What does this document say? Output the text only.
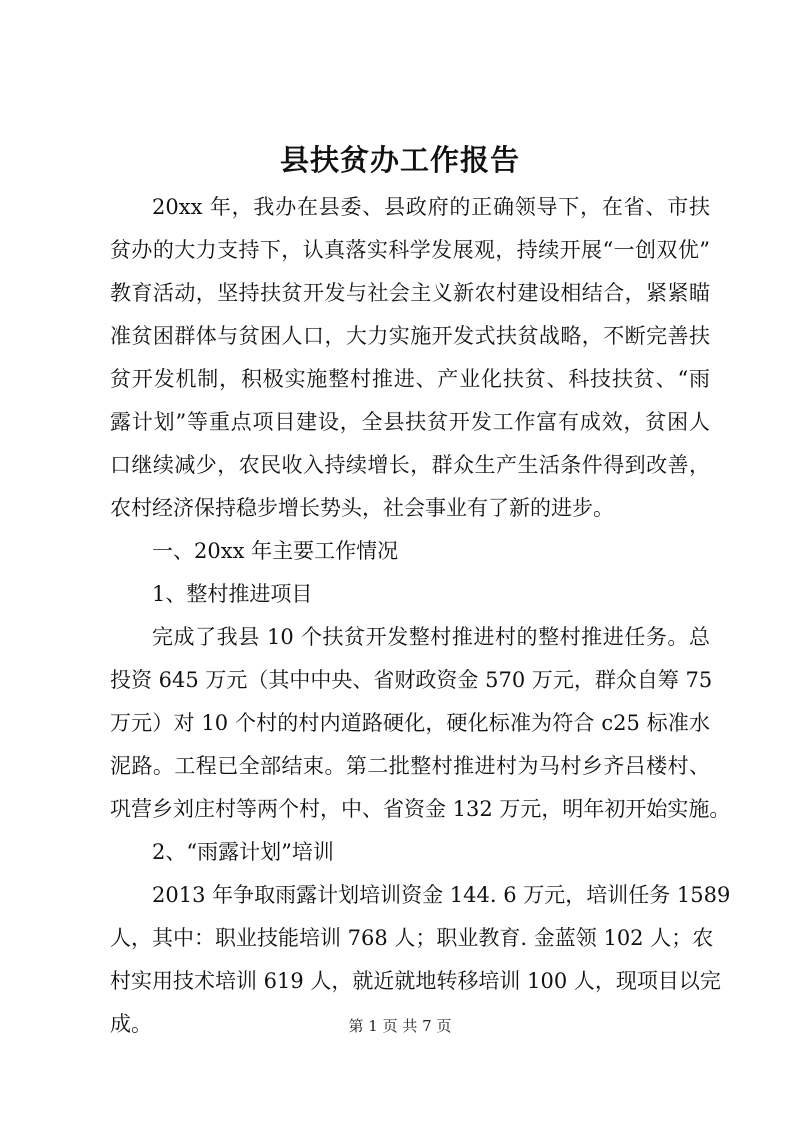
县扶贫办工作报告
20xx 年，我办在县委、县政府的正确领导下，在省、市扶
贫办的大力支持下，认真落实科学发展观，持续开展“一创双优”
教育活动，坚持扶贫开发与社会主义新农村建设相结合，紧紧瞄
准贫困群体与贫困人口，大力实施开发式扶贫战略，不断完善扶
贫开发机制，积极实施整村推进、产业化扶贫、科技扶贫、“雨
露计划”等重点项目建设，全县扶贫开发工作富有成效，贫困人
口继续减少，农民收入持续增长，群众生产生活条件得到改善，
农村经济保持稳步增长势头，社会事业有了新的进步。
一、20xx 年主要工作情况
1、整村推进项目
完成了我县 10 个扶贫开发整村推进村的整村推进任务。总
投资 645 万元（其中中央、省财政资金 570 万元，群众自筹 75
万元）对 10 个村的村内道路硬化，硬化标准为符合 c25 标准水
泥路。工程已全部结束。第二批整村推进村为马村乡齐吕楼村、
巩营乡刘庄村等两个村，中、省资金 132 万元，明年初开始实施。
2、“雨露计划”培训
2013 年争取雨露计划培训资金 144. 6 万元，培训任务 1589
人，其中：职业技能培训 768 人；职业教育. 金蓝领 102 人；农
村实用技术培训 619 人，就近就地转移培训 100 人，现项目以完
成。	第 1 页 共 7 页
